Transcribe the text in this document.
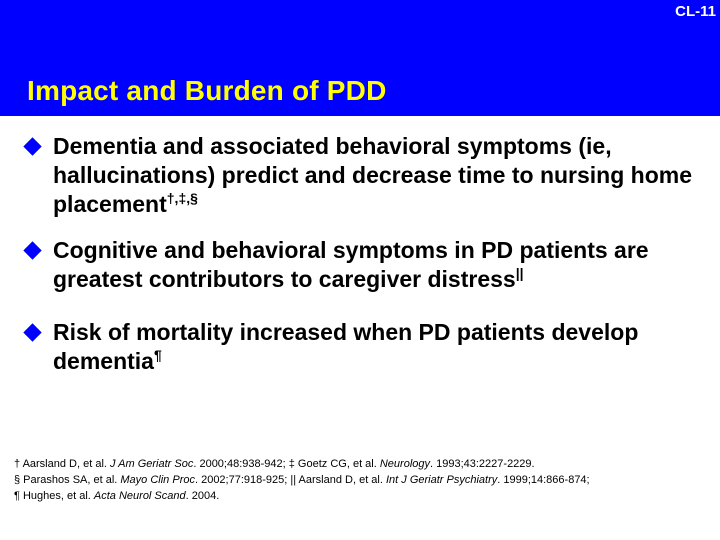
CL-11
Impact and Burden of PDD
Dementia and associated behavioral symptoms (ie, hallucinations) predict and decrease time to nursing home placement†,‡,§
Cognitive and behavioral symptoms in PD patients are greatest contributors to caregiver distress||
Risk of mortality increased when PD patients develop dementia¶
† Aarsland D, et al. J Am Geriatr Soc. 2000;48:938-942; ‡ Goetz CG, et al. Neurology. 1993;43:2227-2229.
§ Parashos SA, et al. Mayo Clin Proc. 2002;77:918-925; || Aarsland D, et al. Int J Geriatr Psychiatry. 1999;14:866-874;
¶ Hughes, et al. Acta Neurol Scand. 2004.
